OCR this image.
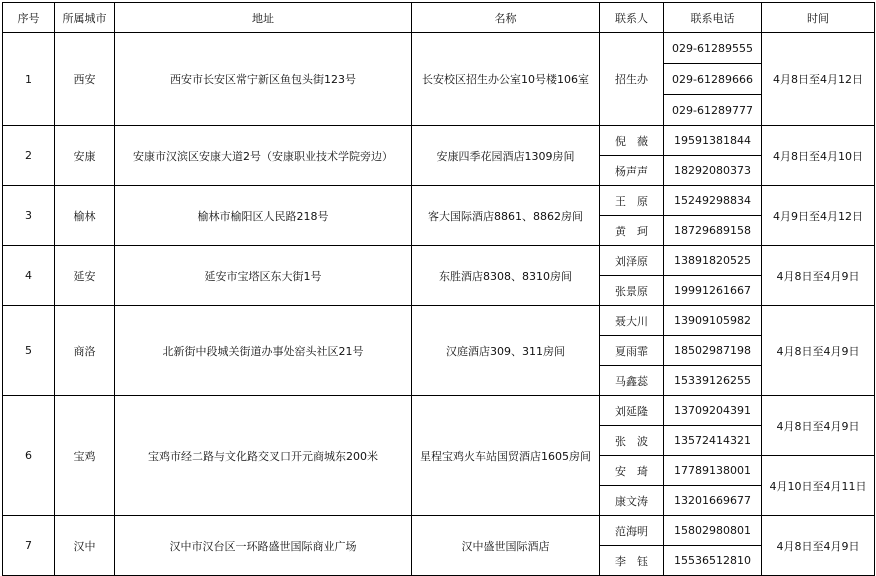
序号	所属城市	地址	名称	联系人	联系电话	时间
1	西安	西安市长安区常宁新区鱼包头街123号	长安校区招生办公室10号楼106室	招生办	029-61289555	4月8日至4月12日
					029-61289666	
					029-61289777	
2	安康	安康市汉滨区安康大道2号（安康职业技术学院旁边）	安康四季花园酒店1309房间	倪　薇	19591381844	4月8日至4月10日
				杨声声	18292080373	
3	榆林	榆林市榆阳区人民路218号	客大国际酒店8861、8862房间	王　原	15249298834	4月9日至4月12日
				黄　珂	18729689158	
4	延安	延安市宝塔区东大街1号	东胜酒店8308、8310房间	刘泽原	13891820525	4月8日至4月9日
				张景原	19991261667	
5	商洛	北新街中段城关街道办事处窑头社区21号	汉庭酒店309、311房间	聂大川	13909105982	4月8日至4月9日
				夏雨霏	18502987198	
				马鑫蕊	15339126255	
6	宝鸡	宝鸡市经二路与文化路交叉口开元商城东200米	星程宝鸡火车站国贸酒店1605房间	刘延隆	13709204391	4月8日至4月9日
				张　波	13572414321	
				安　琦	17789138001	4月10日至4月11日
				康文涛	13201669677	
7	汉中	汉中市汉台区一环路盛世国际商业广场	汉中盛世国际酒店	范海明	15802980801	4月8日至4月9日
				李　钰	15536512810	
